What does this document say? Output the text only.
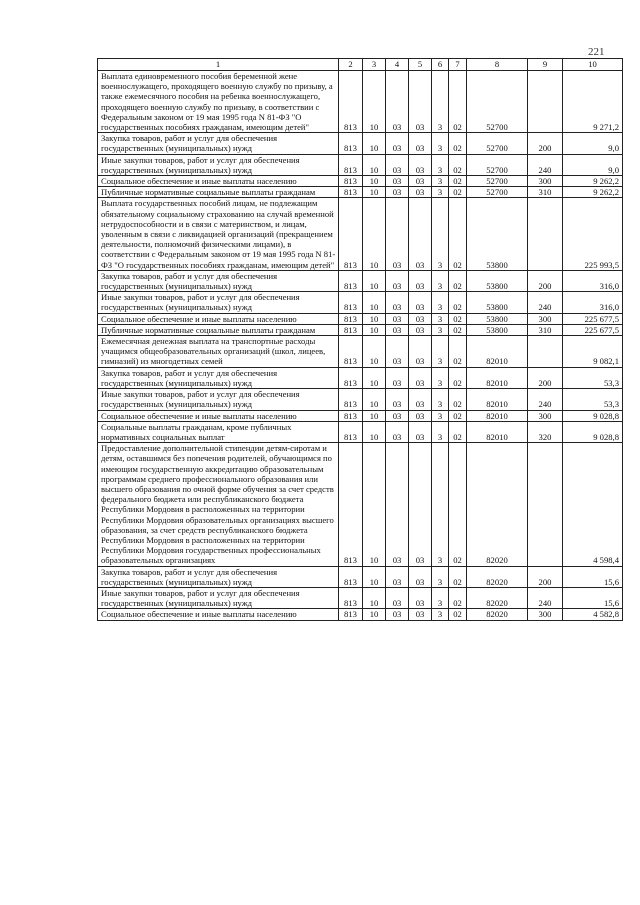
221
1	2	3	4	5	6	7	8	9	10

Выплата единовременного пособия беременной жене военнослужащего, проходящего военную службу по призыву, а также ежемесячного пособия на ребенка военнослужащего, проходящего военную службу по призыву, в соответствии с Федеральным законом от 19 мая 1995 года N 81-ФЗ "О государственных пособиях гражданам, имеющим детей"	813	10	03	03	3	02	52700		9 271,2

Закупка товаров, работ и услуг для обеспечения государственных (муниципальных) нужд	813	10	03	03	3	02	52700	200	9,0

Иные закупки товаров, работ и услуг для обеспечения государственных (муниципальных) нужд	813	10	03	03	3	02	52700	240	9,0

Социальное обеспечение и иные выплаты населению	813	10	03	03	3	02	52700	300	9 262,2

Публичные нормативные социальные выплаты гражданам	813	10	03	03	3	02	52700	310	9 262,2

Выплата государственных пособий лицам, не подлежащим обязательному социальному страхованию на случай временной нетрудоспособности и в связи с материнством, и лицам, уволенным в связи с ликвидацией организаций (прекращением деятельности, полномочий физическими лицами), в соответствии с Федеральным законом от 19 мая 1995 года N 81-ФЗ "О государственных пособиях гражданам, имеющим детей"	813	10	03	03	3	02	53800		225 993,5

Закупка товаров, работ и услуг для обеспечения государственных (муниципальных) нужд	813	10	03	03	3	02	53800	200	316,0

Иные закупки товаров, работ и услуг для обеспечения государственных (муниципальных) нужд	813	10	03	03	3	02	53800	240	316,0

Социальное обеспечение и иные выплаты населению	813	10	03	03	3	02	53800	300	225 677,5

Публичные нормативные социальные выплаты гражданам	813	10	03	03	3	02	53800	310	225 677,5

Ежемесячная денежная выплата на транспортные расходы учащимся общеобразовательных организаций (школ, лицеев, гимназий) из многодетных семей	813	10	03	03	3	02	82010		9 082,1

Закупка товаров, работ и услуг для обеспечения государственных (муниципальных) нужд	813	10	03	03	3	02	82010	200	53,3

Иные закупки товаров, работ и услуг для обеспечения государственных (муниципальных) нужд	813	10	03	03	3	02	82010	240	53,3

Социальное обеспечение и иные выплаты населению	813	10	03	03	3	02	82010	300	9 028,8

Социальные выплаты гражданам, кроме публичных нормативных социальных выплат	813	10	03	03	3	02	82010	320	9 028,8

Предоставление дополнительной стипендии детям-сиротам и детям, оставшимся без попечения родителей, обучающимся по имеющим государственную аккредитацию образовательным программам среднего профессионального образования или высшего образования по очной форме обучения за счет средств федерального бюджета или республиканского бюджета Республики Мордовия в расположенных на территории Республики Мордовия образовательных организациях высшего образования, за счет средств республиканского бюджета Республики Мордовия в расположенных на территории Республики Мордовия государственных профессиональных образовательных организациях	813	10	03	03	3	02	82020		4 598,4

Закупка товаров, работ и услуг для обеспечения государственных (муниципальных) нужд	813	10	03	03	3	02	82020	200	15,6

Иные закупки товаров, работ и услуг для обеспечения государственных (муниципальных) нужд	813	10	03	03	3	02	82020	240	15,6

Социальное обеспечение и иные выплаты населению	813	10	03	03	3	02	82020	300	4 582,8
